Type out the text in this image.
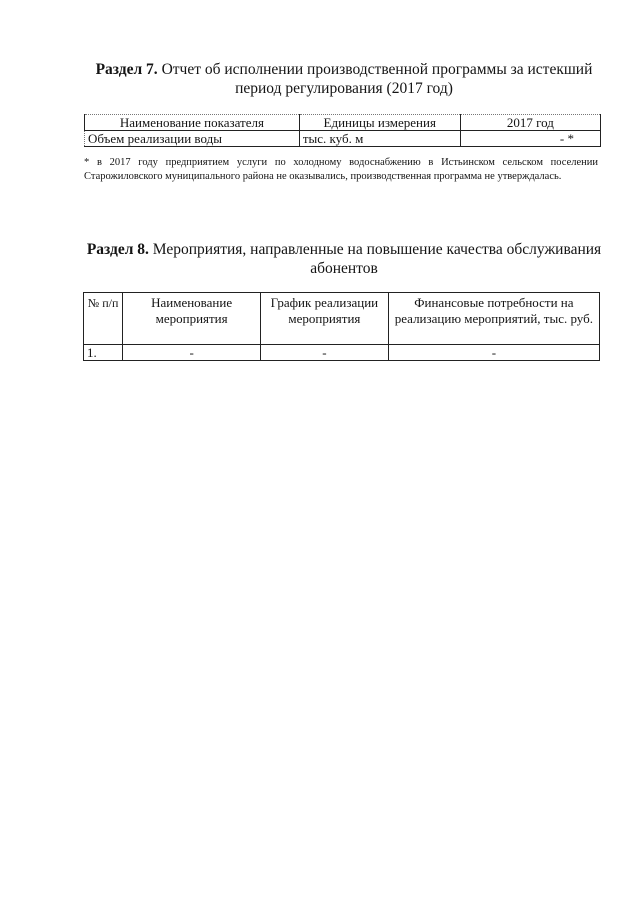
Раздел 7. Отчет об исполнении производственной программы за истекший период регулирования (2017 год)
Наименование показателя	Единицы измерения	2017 год
Объем реализации воды	тыс. куб. м	- *

* в 2017 году предприятием услуги по холодному водоснабжению в Истьинском сельском поселении Старожиловского муниципального района не оказывались, производственная программа не утверждалась.

Раздел 8. Мероприятия, направленные на повышение качества обслуживания абонентов
№ п/п	Наименование мероприятия	График реализации мероприятия	Финансовые потребности на реализацию мероприятий, тыс. руб.
1.	-	-	-
